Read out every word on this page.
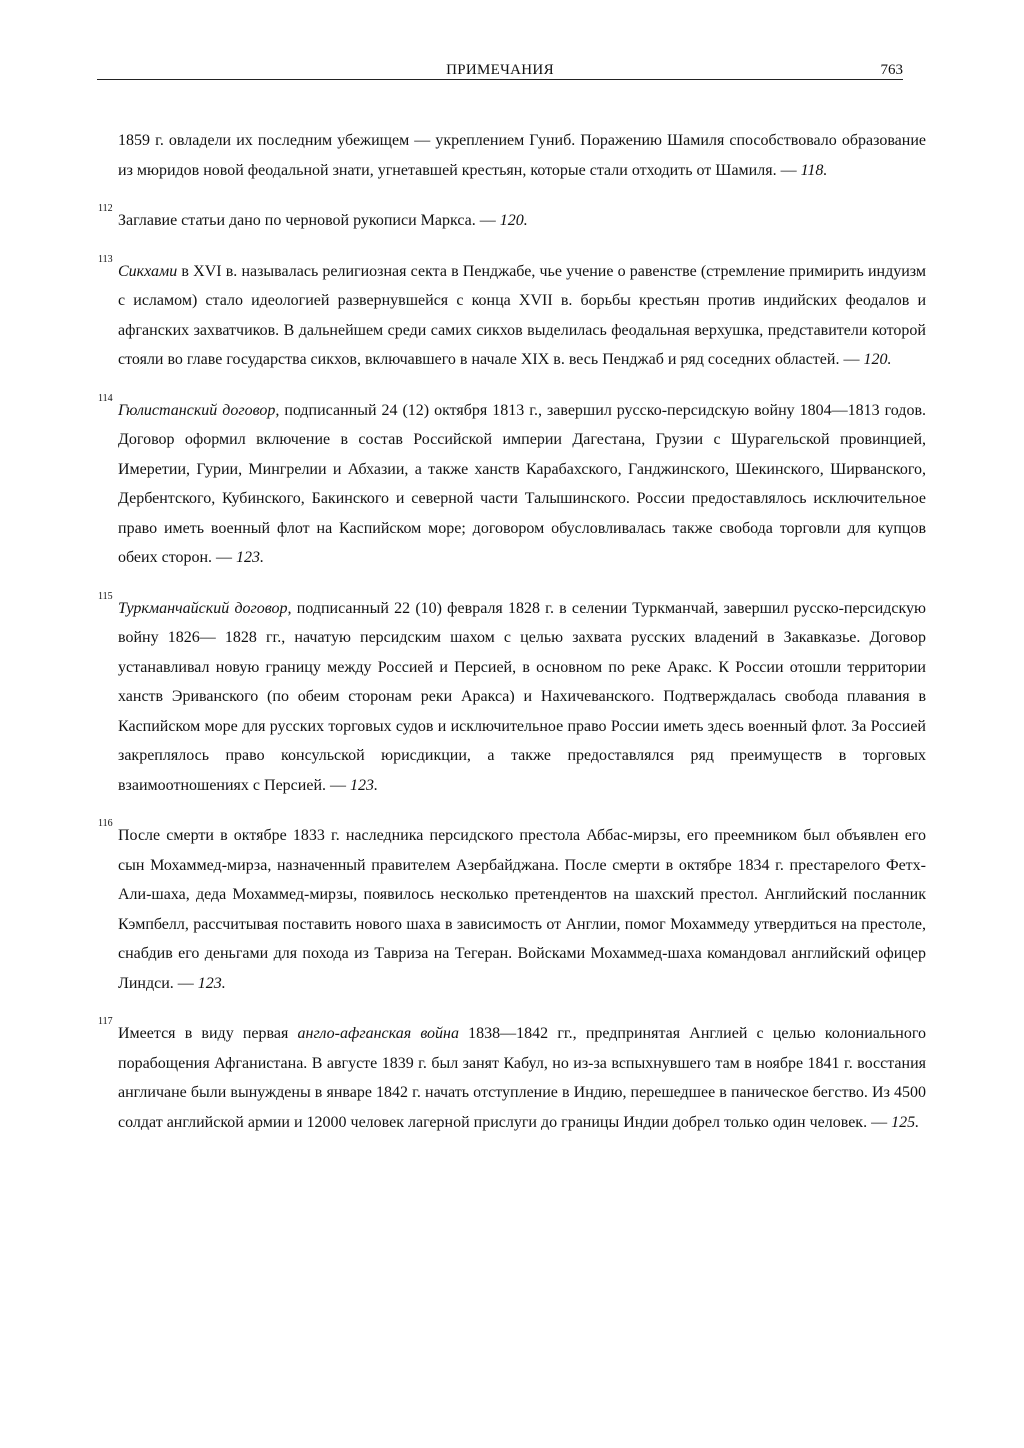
ПРИМЕЧАНИЯ	763

1859 г. овладели их последним убежищем — укреплением Гуниб. Поражению Шамиля способствовало образование из мюридов новой феодальной знати, угнетавшей крестьян, которые стали отходить от Шамиля. — 118.

112
Заглавие статьи дано по черновой рукописи Маркса. — 120.

113
Сикхами в XVI в. называлась религиозная секта в Пенджабе, чье учение о равенстве (стремление примирить индуизм с исламом) стало идеологией развернувшейся с конца XVII в. борьбы крестьян против индийских феодалов и афганских захватчиков. В дальнейшем среди самих сикхов выделилась феодальная верхушка, представители которой стояли во главе государства сикхов, включавшего в начале XIX в. весь Пенджаб и ряд соседних областей. — 120.

114
Гюлистанский договор, подписанный 24 (12) октября 1813 г., завершил русско-персидскую войну 1804—1813 годов. Договор оформил включение в состав Российской империи Дагестана, Грузии с Шурагельской провинцией, Имеретии, Гурии, Мингрелии и Абхазии, а также ханств Карабахского, Ганджинского, Шекинского, Ширванского, Дербентского, Кубинского, Бакинского и северной части Талышинского. России предоставлялось исключительное право иметь военный флот на Каспийском море; договором обусловливалась также свобода торговли для купцов обеих сторон. — 123.

115
Туркманчайский договор, подписанный 22 (10) февраля 1828 г. в селении Туркманчай, завершил русско-персидскую войну 1826— 1828 гг., начатую персидским шахом с целью захвата русских владений в Закавказье. Договор устанавливал новую границу между Россией и Персией, в основном по реке Аракс. К России отошли территории ханств Эриванского (по обеим сторонам реки Аракса) и Нахичеванского. Подтверждалась свобода плавания в Каспийском море для русских торговых судов и исключительное право России иметь здесь военный флот. За Россией закреплялось право консульской юрисдикции, а также предоставлялся ряд преимуществ в торговых взаимоотношениях с Персией. — 123.

116
После смерти в октябре 1833 г. наследника персидского престола Аббас-мирзы, его преемником был объявлен его сын Мохаммед-мирза, назначенный правителем Азербайджана. После смерти в октябре 1834 г. престарелого Фетх-Али-шаха, деда Мохаммед-мирзы, появилось несколько претендентов на шахский престол. Английский посланник Кэмпбелл, рассчитывая поставить нового шаха в зависимость от Англии, помог Мохаммеду утвердиться на престоле, снабдив его деньгами для похода из Тавриза на Тегеран. Войсками Мохаммед-шаха командовал английский офицер Линдси. — 123.

117
Имеется в виду первая англо-афганская война 1838—1842 гг., предпринятая Англией с целью колониального порабощения Афганистана. В августе 1839 г. был занят Кабул, но из-за вспыхнувшего там в ноябре 1841 г. восстания англичане были вынуждены в январе 1842 г. начать отступление в Индию, перешедшее в паническое бегство. Из 4500 солдат английской армии и 12000 человек лагерной прислуги до границы Индии добрел только один человек. — 125.
